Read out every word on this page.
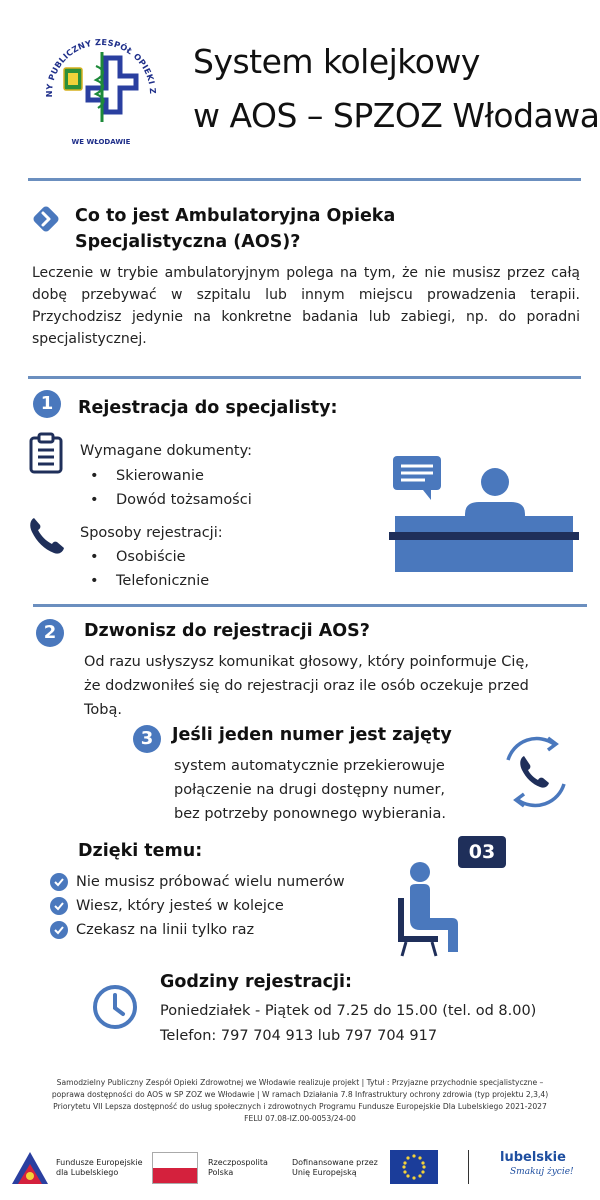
NY PUBLICZNY ZESPÓŁ OPIEKI Z
WE WŁODAWIE
System kolejkowy
w AOS – SPZOZ Włodawa
Co to jest Ambulatoryjna Opieka
Specjalistyczna (AOS)?
Leczenie w trybie ambulatoryjnym polega na tym, że nie musisz przez całą dobę przebywać w szpitalu lub innym miejscu prowadzenia terapii. Przychodzisz jedynie na konkretne badania lub zabiegi, np. do poradni specjalistycznej.
1	Rejestracja do specjalisty:
Wymagane dokumenty:
• Skierowanie
• Dowód tożsamości
Sposoby rejestracji:
• Osobiście
• Telefonicznie
2	Dzwonisz do rejestracji AOS?
Od razu usłyszysz komunikat głosowy, który poinformuje Cię,
że dodzwoniłeś się do rejestracji oraz ile osób oczekuje przed
Tobą.
3	Jeśli jeden numer jest zajęty
system automatycznie przekierowuje
połączenie na drugi dostępny numer,
bez potrzeby ponownego wybierania.
Dzięki temu:
Nie musisz próbować wielu numerów
Wiesz, który jesteś w kolejce
Czekasz na linii tylko raz
03
Godziny rejestracji:
Poniedziałek - Piątek od 7.25 do 15.00 (tel. od 8.00)
Telefon: 797 704 913 lub 797 704 917
Samodzielny Publiczny Zespół Opieki Zdrowotnej we Włodawie realizuje projekt | Tytuł : Przyjazne przychodnie specjalistyczne –
poprawa dostępności do AOS w SP ZOZ we Włodawie | W ramach Działania 7.8 Infrastruktury ochrony zdrowia (typ projektu 2,3,4)
Priorytetu VII Lepsza dostępność do usług społecznych i zdrowotnych Programu Fundusze Europejskie Dla Lubelskiego 2021-2027
FELU 07.08-IZ.00-0053/24-00
Fundusze Europejskie
dla Lubelskiego
Rzeczpospolita
Polska
Dofinansowane przez
Unię Europejską
lubelskie
Smakuj życie!
